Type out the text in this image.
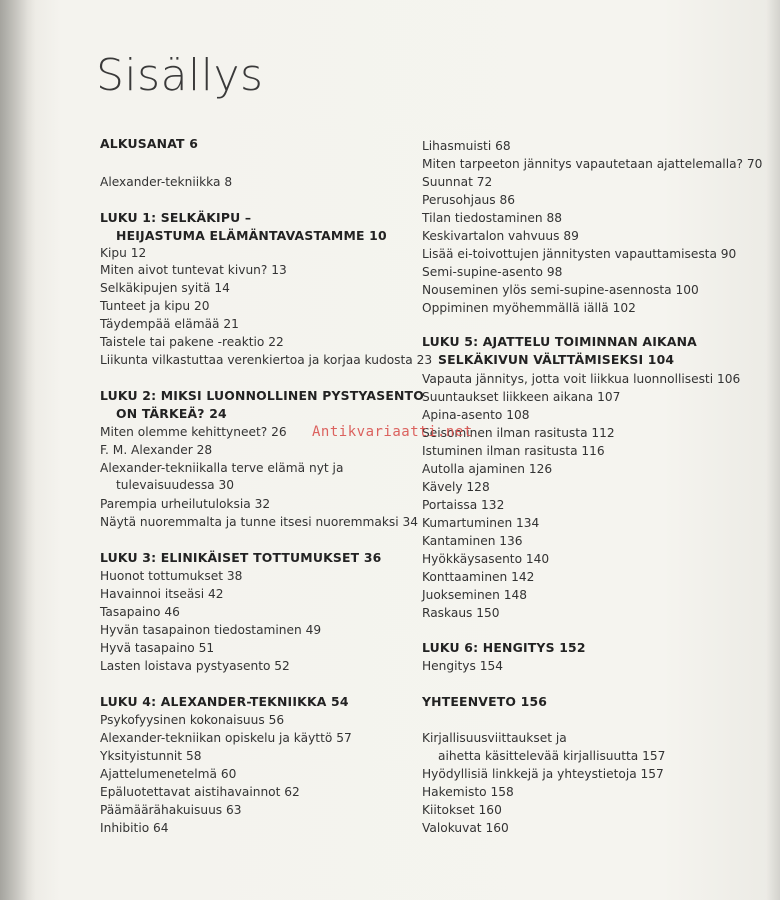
Sisällys
ALKUSANAT 6
Alexander-tekniikka 8
LUKU 1: SELKÄKIPU –
HEIJASTUMA ELÄMÄNTAVASTAMME 10
Kipu 12
Miten aivot tuntevat kivun? 13
Selkäkipujen syitä 14
Tunteet ja kipu 20
Täydempää elämää 21
Taistele tai pakene -reaktio 22
Liikunta vilkastuttaa verenkiertoa ja korjaa kudosta 23
LUKU 2: MIKSI LUONNOLLINEN PYSTYASENTO
ON TÄRKEÄ? 24
Miten olemme kehittyneet? 26
F. M. Alexander 28
Alexander-tekniikalla terve elämä nyt ja
tulevaisuudessa 30
Parempia urheilutuloksia 32
Näytä nuoremmalta ja tunne itsesi nuoremmaksi 34
LUKU 3: ELINIKÄISET TOTTUMUKSET 36
Huonot tottumukset 38
Havainnoi itseäsi 42
Tasapaino 46
Hyvän tasapainon tiedostaminen 49
Hyvä tasapaino 51
Lasten loistava pystyasento 52
LUKU 4: ALEXANDER-TEKNIIKKA 54
Psykofyysinen kokonaisuus 56
Alexander-tekniikan opiskelu ja käyttö 57
Yksityistunnit 58
Ajattelumenetelmä 60
Epäluotettavat aistihavainnot 62
Päämäärähakuisuus 63
Inhibitio 64
Lihasmuisti 68
Miten tarpeeton jännitys vapautetaan ajattelemalla? 70
Suunnat 72
Perusohjaus 86
Tilan tiedostaminen 88
Keskivartalon vahvuus 89
Lisää ei-toivottujen jännitysten vapauttamisesta 90
Semi-supine-asento 98
Nouseminen ylös semi-supine-asennosta 100
Oppiminen myöhemmällä iällä 102
LUKU 5: AJATTELU TOIMINNAN AIKANA
SELKÄKIVUN VÄLTTÄMISEKSI 104
Vapauta jännitys, jotta voit liikkua luonnollisesti 106
Suuntaukset liikkeen aikana 107
Apina-asento 108
Seisominen ilman rasitusta 112
Istuminen ilman rasitusta 116
Autolla ajaminen 126
Kävely 128
Portaissa 132
Kumartuminen 134
Kantaminen 136
Hyökkäysasento 140
Konttaaminen 142
Juokseminen 148
Raskaus 150
LUKU 6: HENGITYS 152
Hengitys 154
YHTEENVETO 156
Kirjallisuusviittaukset ja
aihetta käsittelevää kirjallisuutta 157
Hyödyllisiä linkkejä ja yhteystietoja 157
Hakemisto 158
Kiitokset 160
Valokuvat 160
Antikvariaatti.net
